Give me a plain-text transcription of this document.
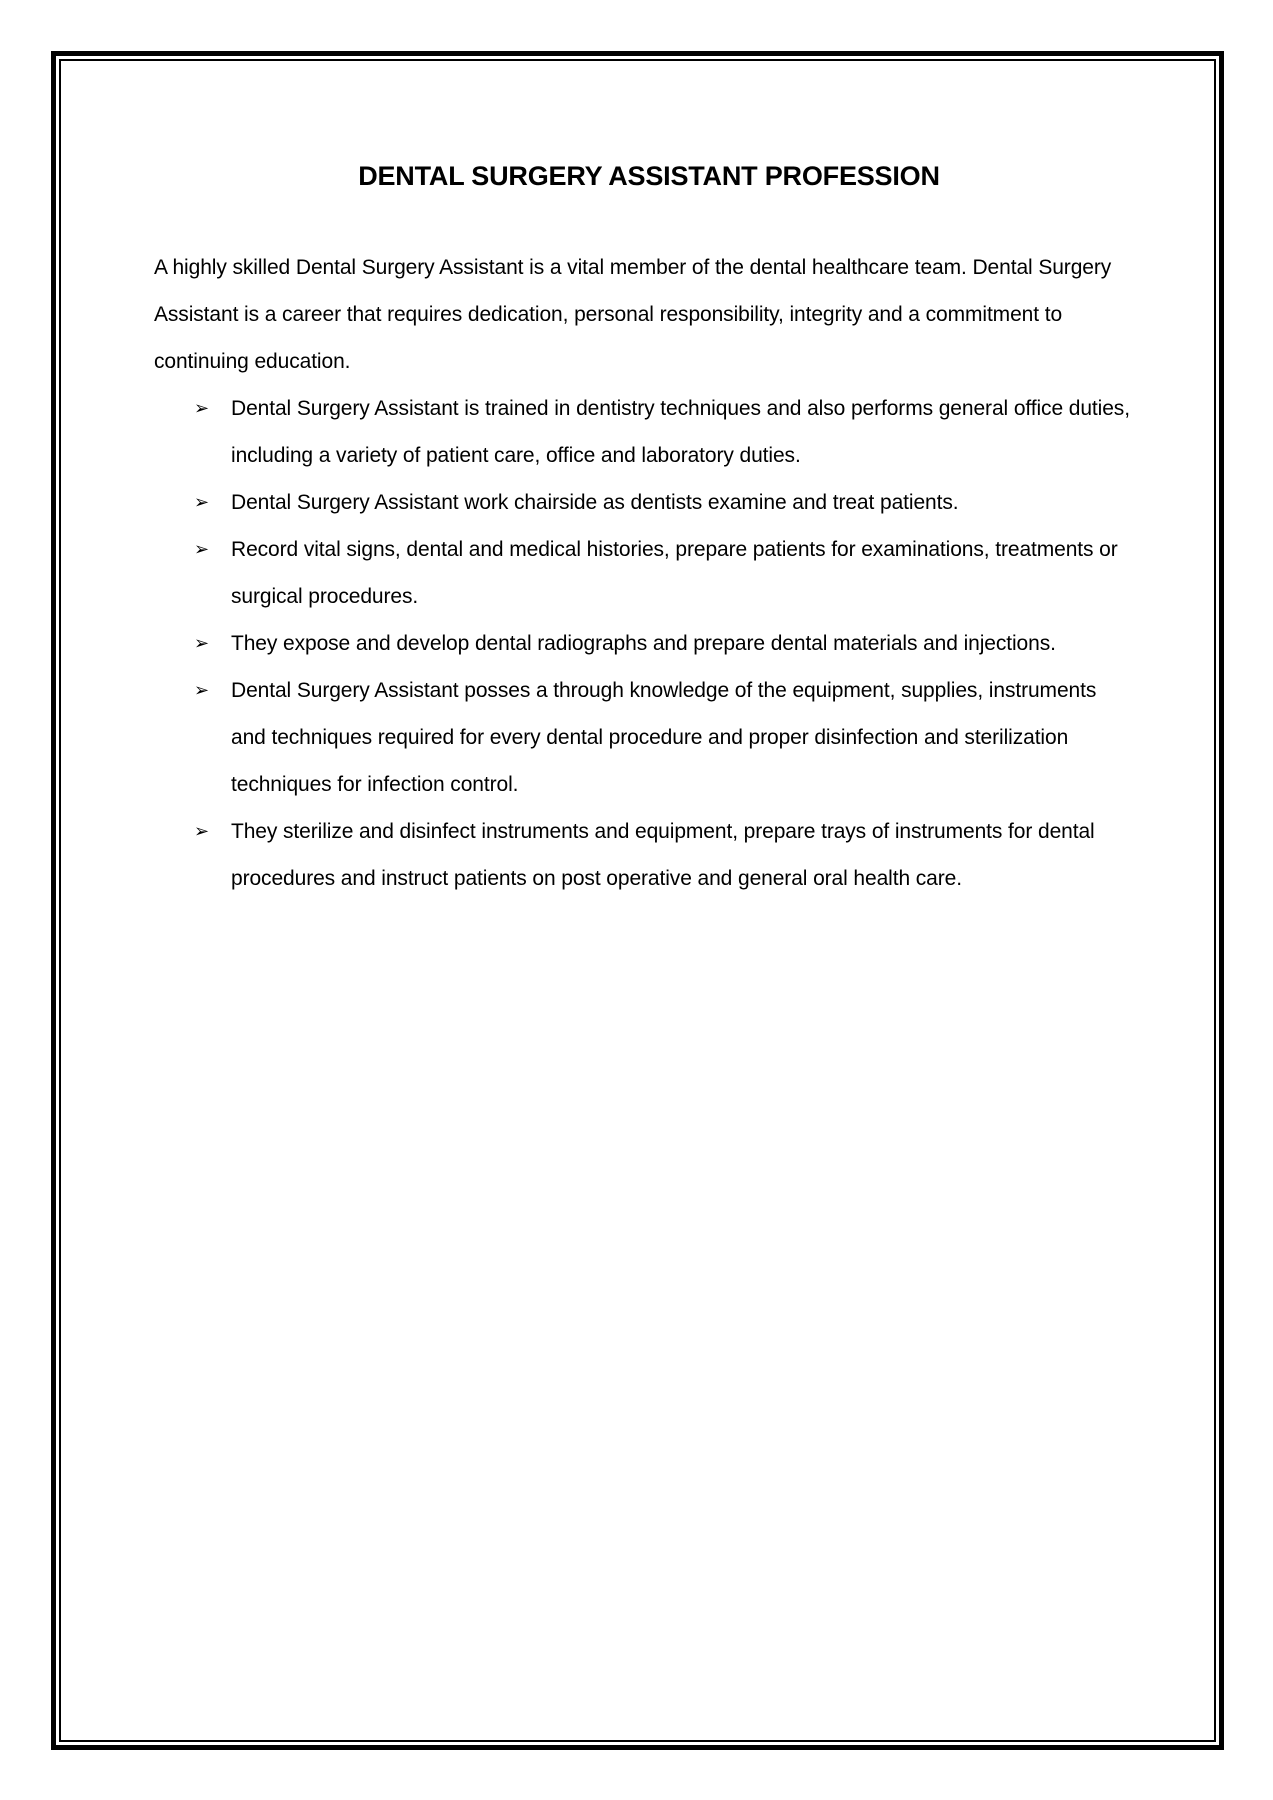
DENTAL SURGERY ASSISTANT PROFESSION

A highly skilled Dental Surgery Assistant is a vital member of the dental healthcare team. Dental Surgery Assistant is a career that requires dedication, personal responsibility, integrity and a commitment to continuing education.

➢ Dental Surgery Assistant is trained in dentistry techniques and also performs general office duties, including a variety of patient care, office and laboratory duties.
➢ Dental Surgery Assistant work chairside as dentists examine and treat patients.
➢ Record vital signs, dental and medical histories, prepare patients for examinations, treatments or surgical procedures.
➢ They expose and develop dental radiographs and prepare dental materials and injections.
➢ Dental Surgery Assistant posses a through knowledge of the equipment, supplies, instruments and techniques required for every dental procedure and proper disinfection and sterilization techniques for infection control.
➢ They sterilize and disinfect instruments and equipment, prepare trays of instruments for dental procedures and instruct patients on post operative and general oral health care.
